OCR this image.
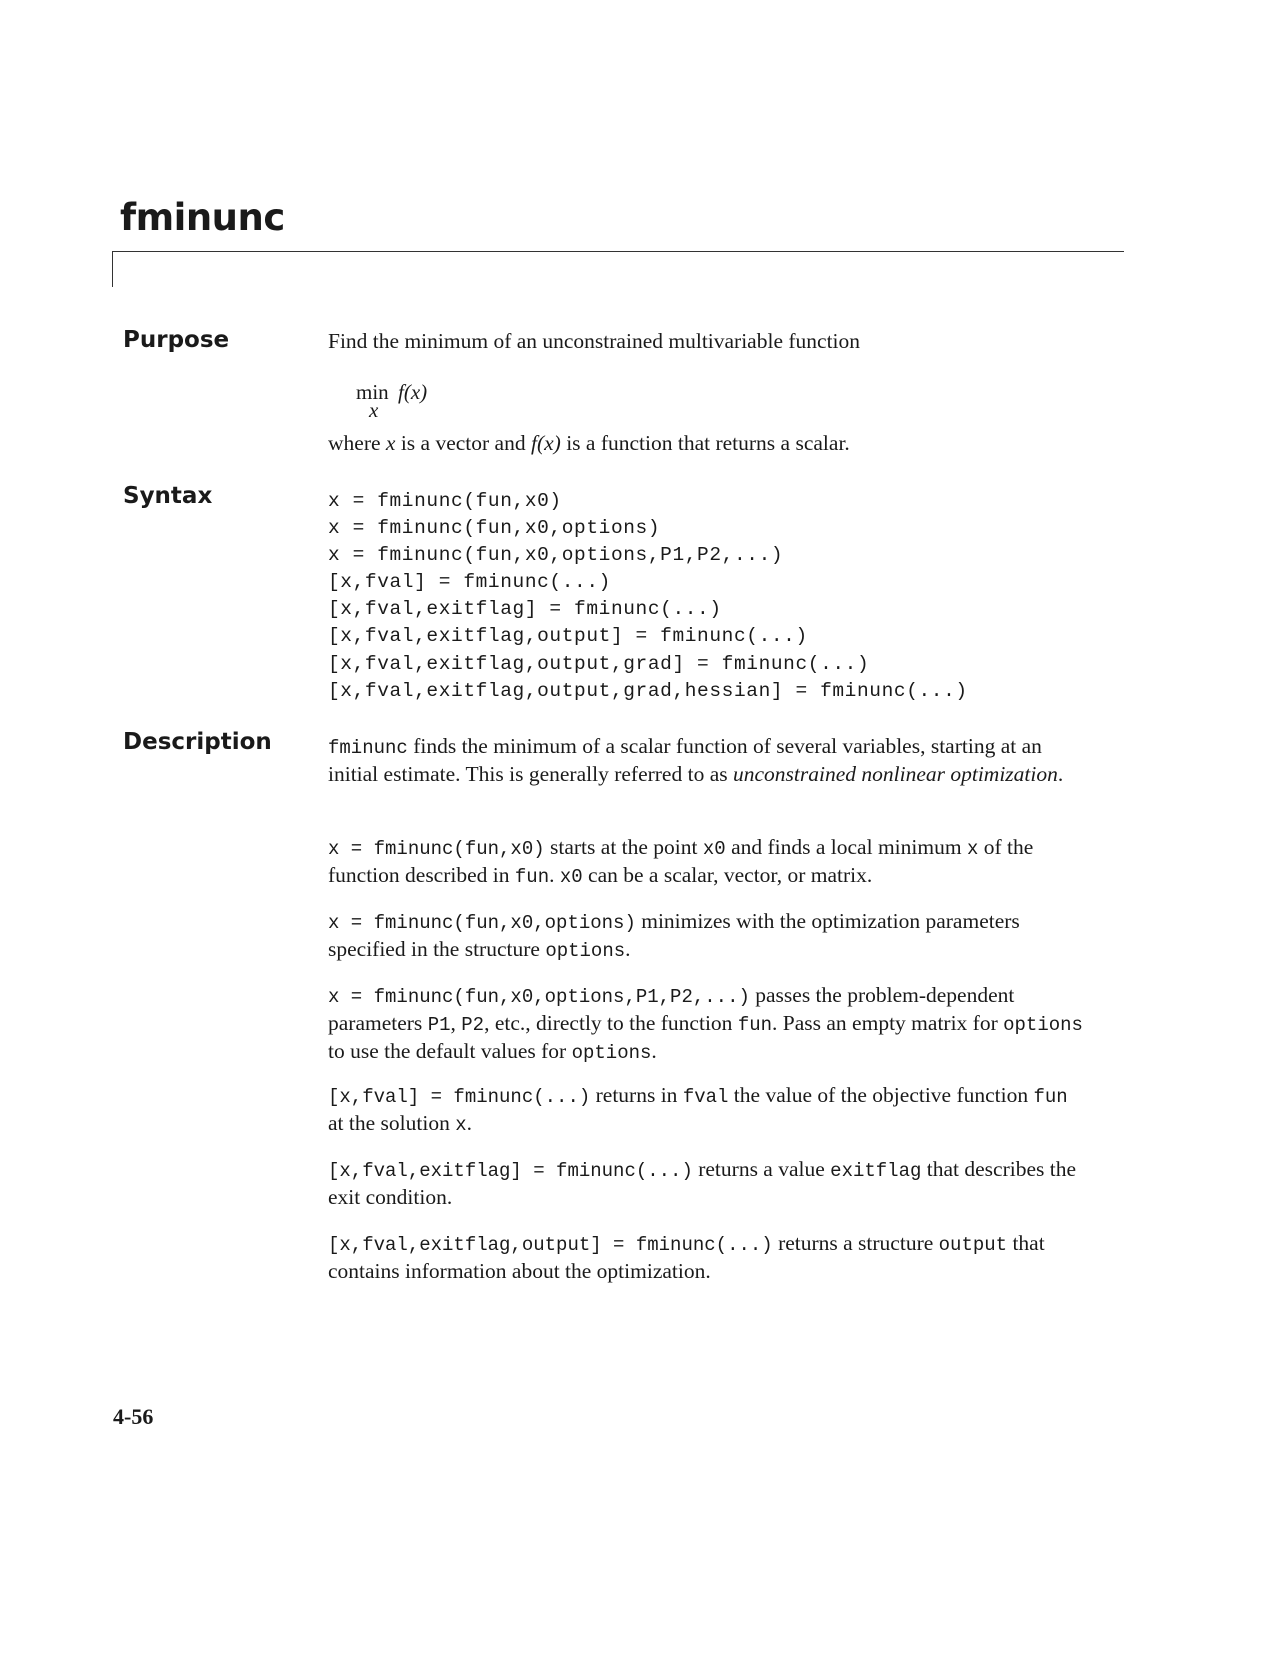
fminunc
Purpose	Find the minimum of an unconstrained multivariable function

min
x
f(x)

where x is a vector and f(x) is a function that returns a scalar.

Syntax	x = fminunc(fun,x0)
x = fminunc(fun,x0,options)
x = fminunc(fun,x0,options,P1,P2,...)
[x,fval] = fminunc(...)
[x,fval,exitflag] = fminunc(...)
[x,fval,exitflag,output] = fminunc(...)
[x,fval,exitflag,output,grad] = fminunc(...)
[x,fval,exitflag,output,grad,hessian] = fminunc(...)
Description	fminunc finds the minimum of a scalar function of several variables, starting at an initial estimate. This is generally referred to as unconstrained nonlinear optimization.

x = fminunc(fun,x0) starts at the point x0 and finds a local minimum x of the function described in fun. x0 can be a scalar, vector, or matrix.

x = fminunc(fun,x0,options) minimizes with the optimization parameters specified in the structure options.

x = fminunc(fun,x0,options,P1,P2,...) passes the problem-dependent parameters P1, P2, etc., directly to the function fun. Pass an empty matrix for options to use the default values for options.

[x,fval] = fminunc(...) returns in fval the value of the objective function fun at the solution x.

[x,fval,exitflag] = fminunc(...) returns a value exitflag that describes the exit condition.

[x,fval,exitflag,output] = fminunc(...) returns a structure output that contains information about the optimization.

4-56
